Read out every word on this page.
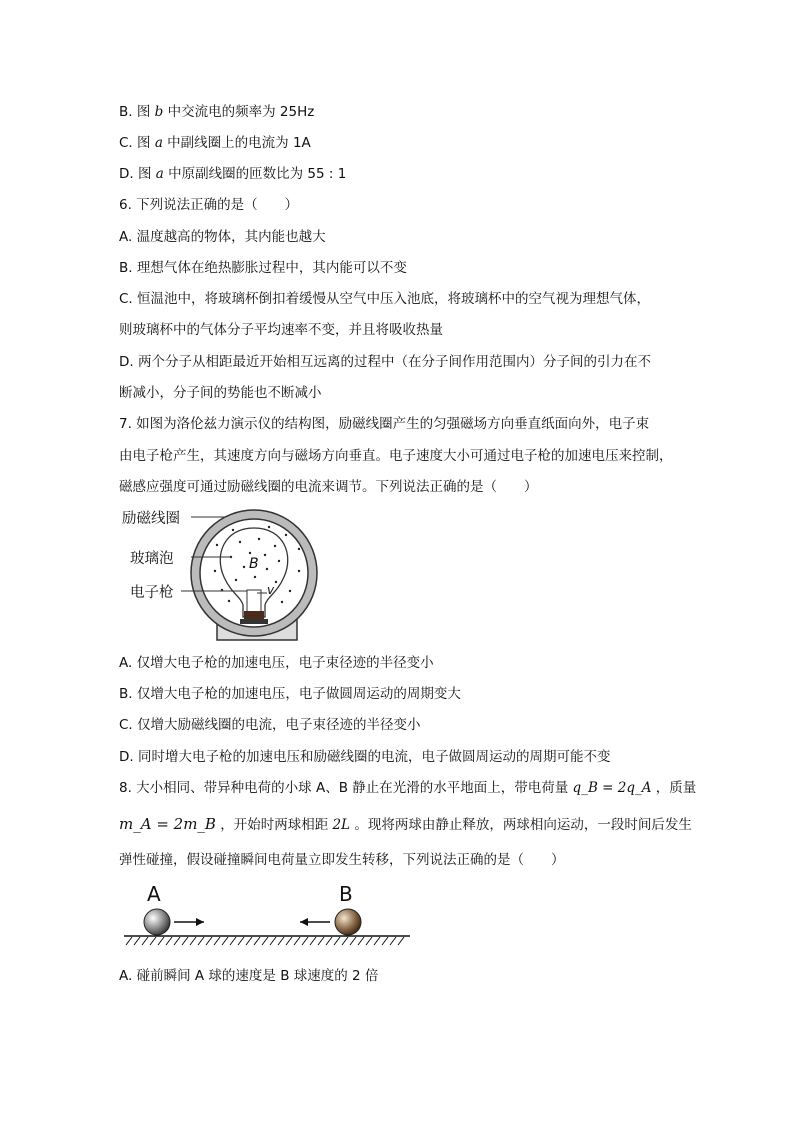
B. 图 b 中交流电的频率为 25Hz
C. 图 a 中副线圈上的电流为 1A
D. 图 a 中原副线圈的匝数比为 55 : 1
6. 下列说法正确的是（　　）
A. 温度越高的物体，其内能也越大
B. 理想气体在绝热膨胀过程中，其内能可以不变
C. 恒温池中，将玻璃杯倒扣着缓慢从空气中压入池底，将玻璃杯中的空气视为理想气体，
则玻璃杯中的气体分子平均速率不变，并且将吸收热量
D. 两个分子从相距最近开始相互远离的过程中（在分子间作用范围内）分子间的引力在不
断减小，分子间的势能也不断减小
7. 如图为洛伦兹力演示仪的结构图，励磁线圈产生的匀强磁场方向垂直纸面向外，电子束
由电子枪产生，其速度方向与磁场方向垂直。电子速度大小可通过电子枪的加速电压来控制，
磁感应强度可通过励磁线圈的电流来调节。下列说法正确的是（　　）
励磁线圈
玻璃泡
电子枪
B
v
A. 仅增大电子枪的加速电压，电子束径迹的半径变小
B. 仅增大电子枪的加速电压，电子做圆周运动的周期变大
C. 仅增大励磁线圈的电流，电子束径迹的半径变小
D. 同时增大电子枪的加速电压和励磁线圈的电流，电子做圆周运动的周期可能不变
8. 大小相同、带异种电荷的小球 A、B 静止在光滑的水平地面上，带电荷量 q_B = 2q_A ，质量
m_A = 2m_B ，开始时两球相距 2L 。现将两球由静止释放，两球相向运动，一段时间后发生
弹性碰撞，假设碰撞瞬间电荷量立即发生转移，下列说法正确的是（　　）
A	B
A. 碰前瞬间 A 球的速度是 B 球速度的 2 倍
